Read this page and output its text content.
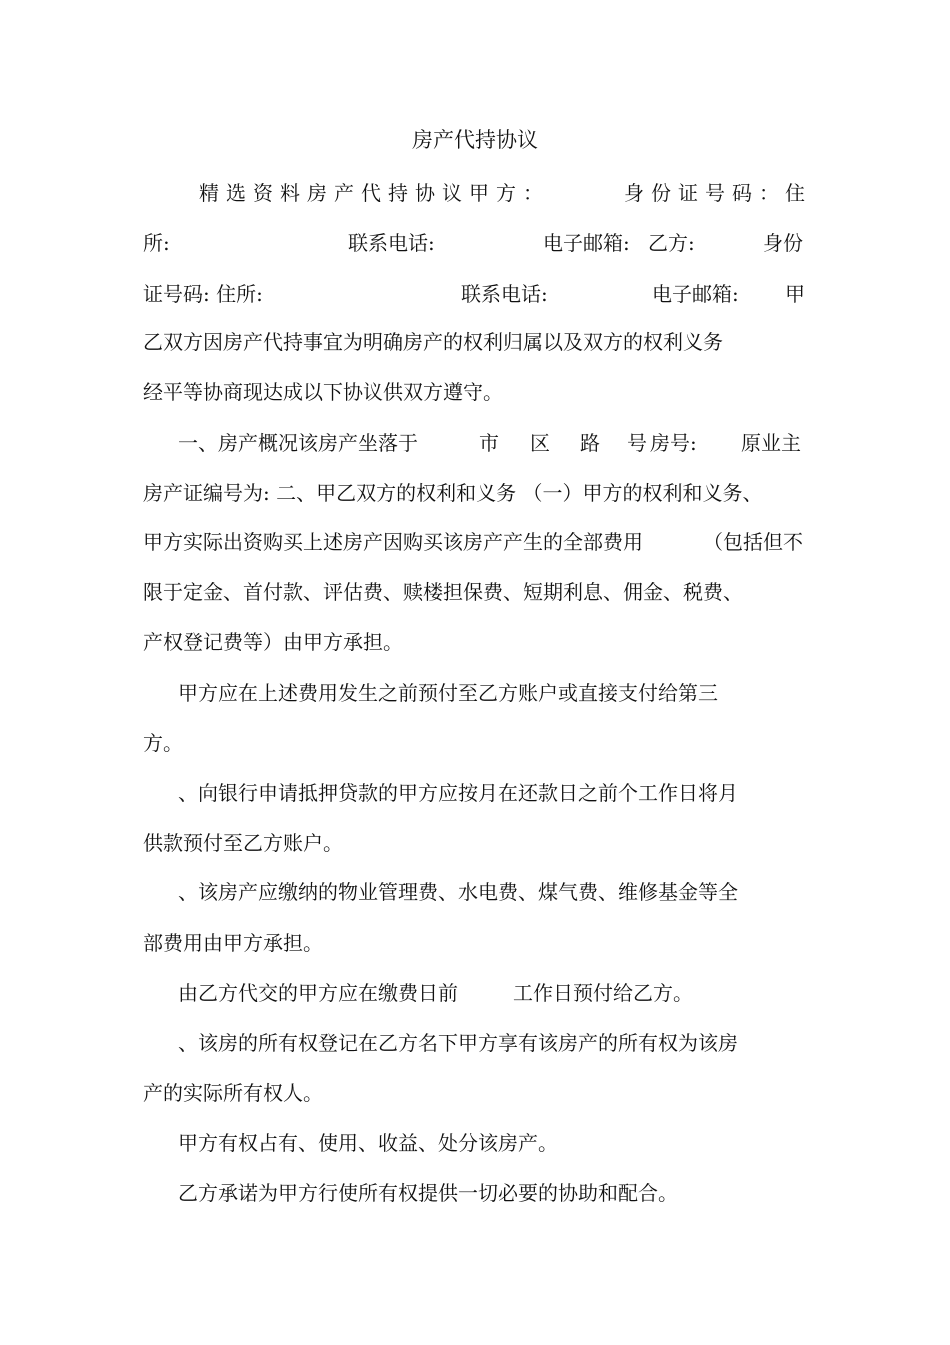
房产代持协议
精选资料房产代持协议甲方：	身份证号码： 住
所:	联系电话:	电子邮箱: 乙方:	身份
证号码: 住所:	联系电话:	电子邮箱: 甲
乙双方因房产代持事宜为明确房产的权利归属以及双方的权利义务
经平等协商现达成以下协议供双方遵守。
一、房产概况该房产坐落于	市 区 路 号 房号: 原业主
房产证编号为: 二、甲乙双方的权利和义务 （一）甲方的权利和义务、
甲方实际出资购买上述房产因购买该房产产生的全部费用	（包括但不
限于定金、首付款、评估费、赎楼担保费、短期利息、佣金、税费、
产权登记费等）由甲方承担。
甲方应在上述费用发生之前预付至乙方账户或直接支付给第三
方。
、向银行申请抵押贷款的甲方应按月在还款日之前个工作日将月
供款预付至乙方账户。
、该房产应缴纳的物业管理费、水电费、煤气费、维修基金等全
部费用由甲方承担。
由乙方代交的甲方应在缴费日前	工作日预付给乙方。
、该房的所有权登记在乙方名下甲方享有该房产的所有权为该房
产的实际所有权人。
甲方有权占有、使用、收益、处分该房产。
乙方承诺为甲方行使所有权提供一切必要的协助和配合。
